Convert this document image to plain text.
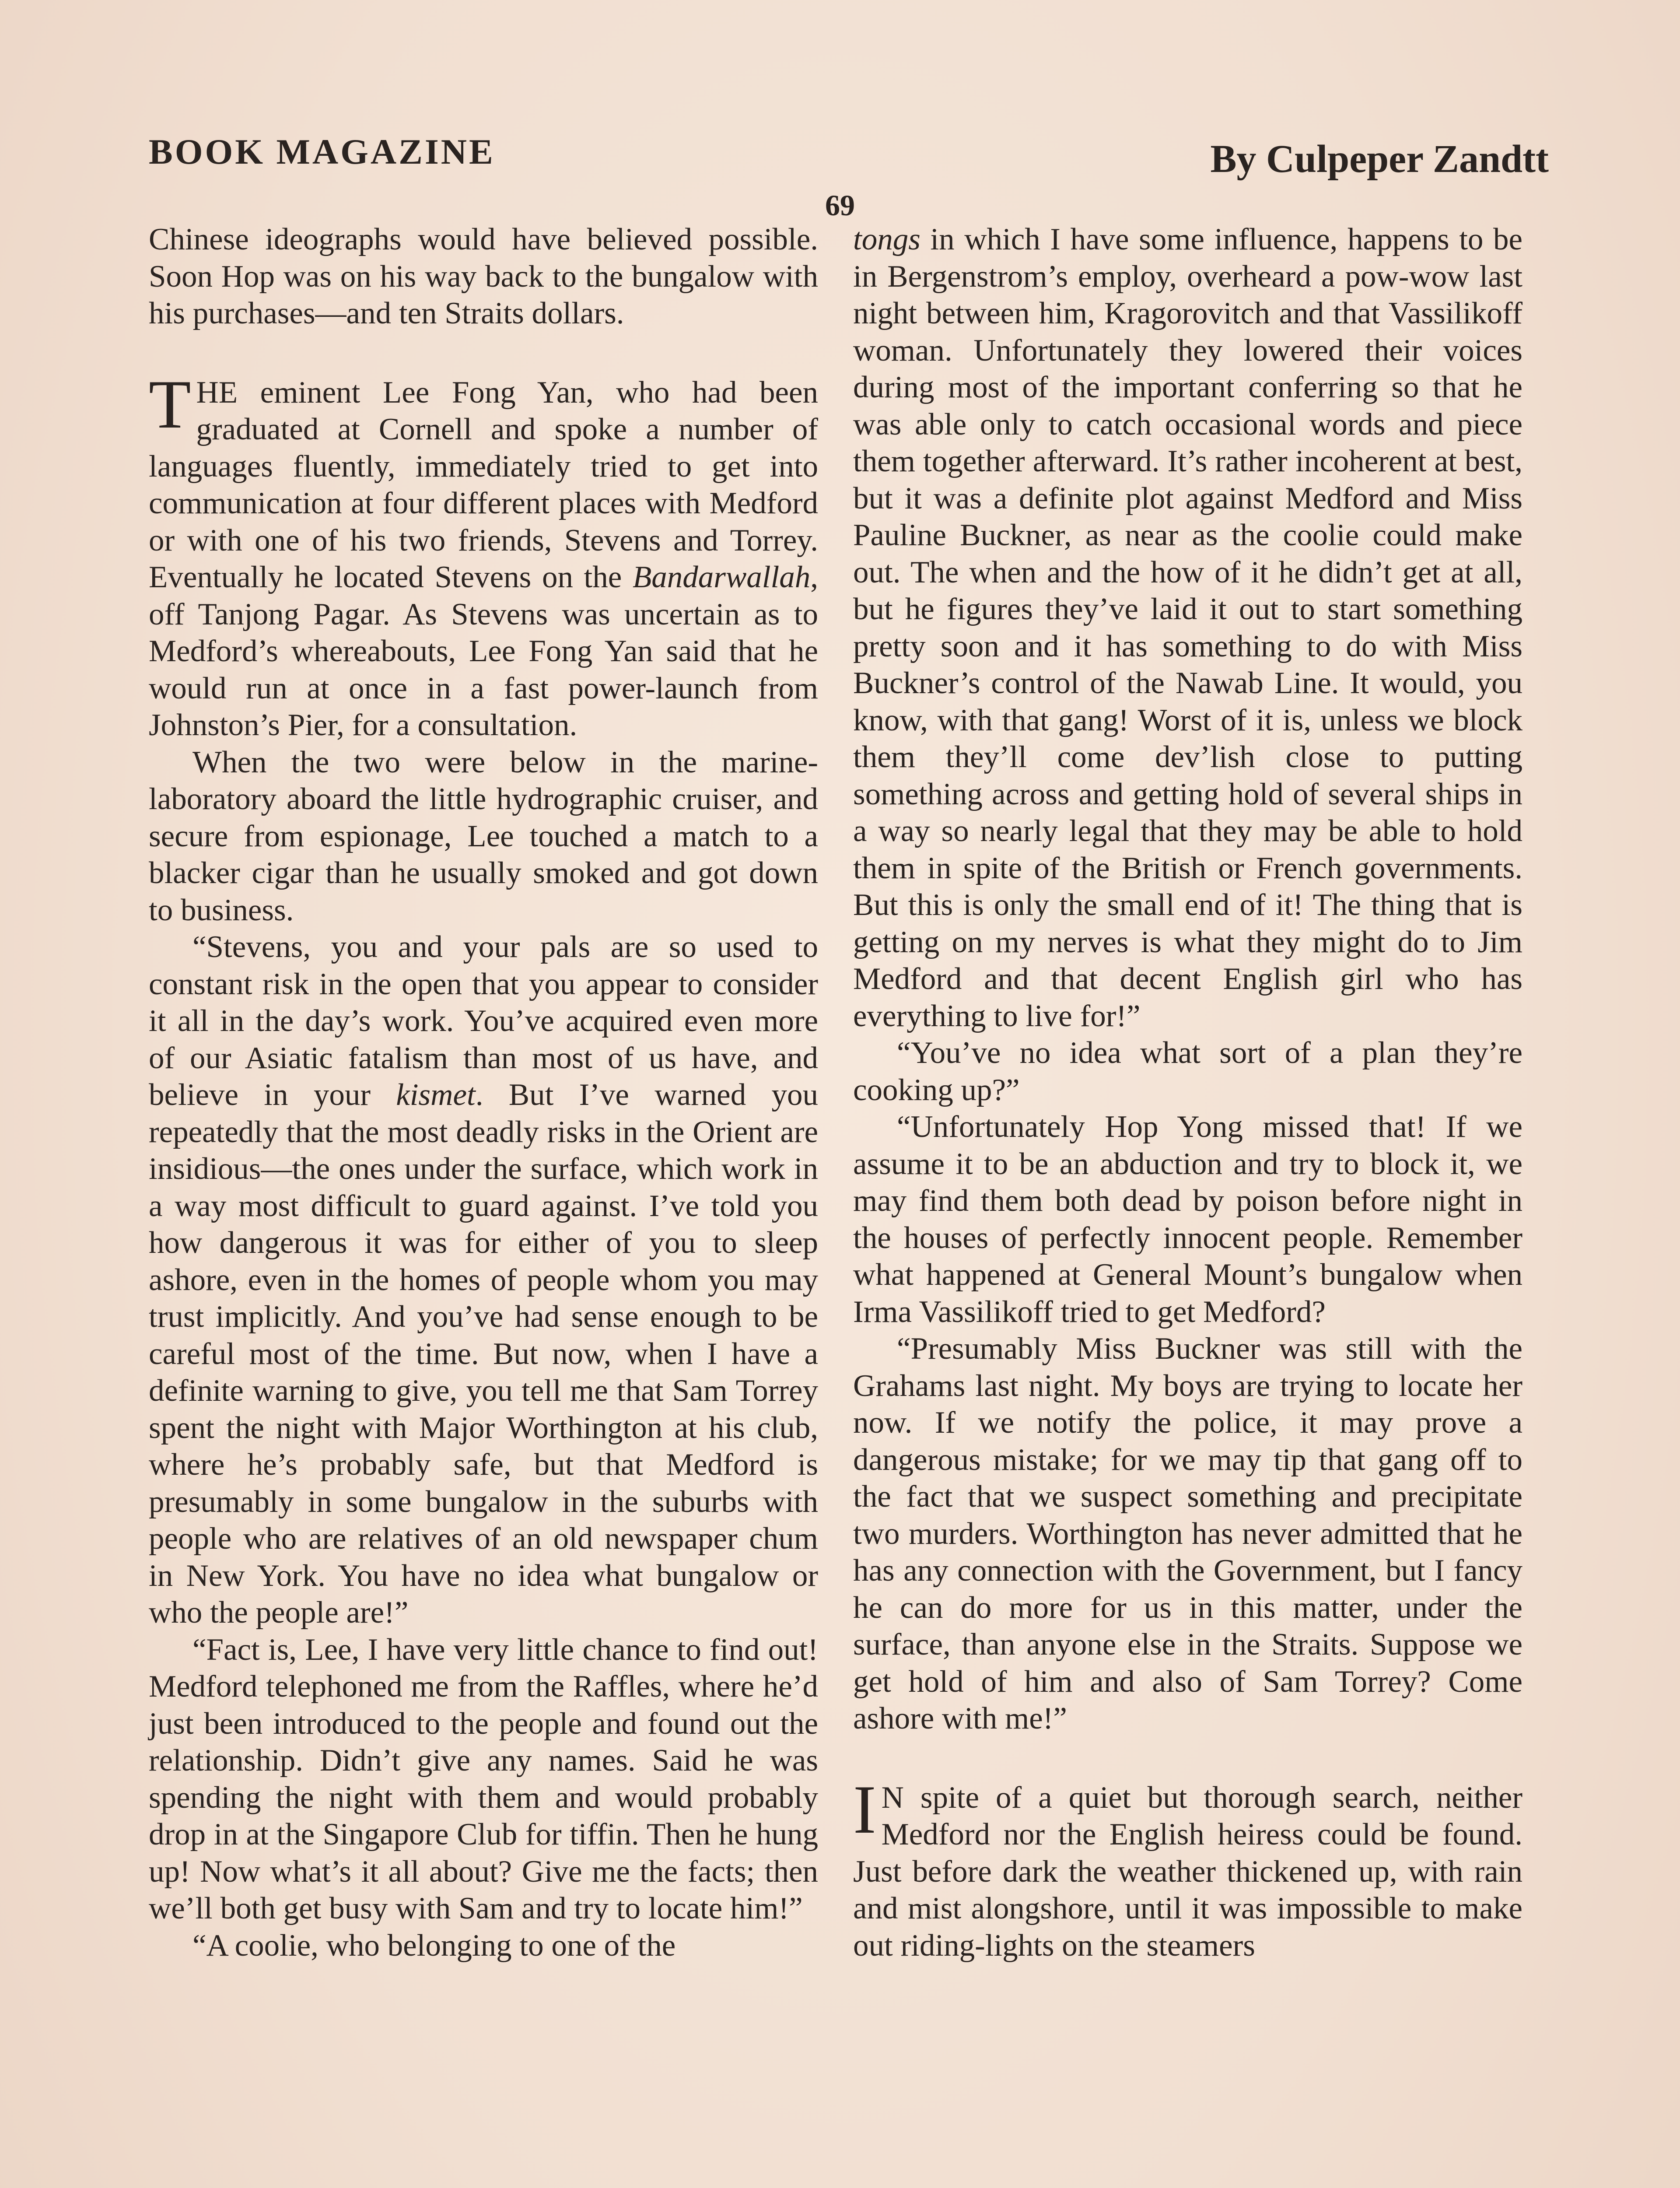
BOOK MAGAZINE	By Culpeper Zandtt
69

Chinese ideographs would have believed possible. Soon Hop was on his way back to the bungalow with his purchases—and ten Straits dollars.

THE eminent Lee Fong Yan, who had been graduated at Cornell and spoke a number of languages fluently, immediately tried to get into communication at four different places with Medford or with one of his two friends, Stevens and Torrey. Eventually he located Stevens on the Bandarwallah, off Tanjong Pagar. As Stevens was uncertain as to Medford’s whereabouts, Lee Fong Yan said that he would run at once in a fast power-launch from Johnston’s Pier, for a consultation.

When the two were below in the marine-laboratory aboard the little hydrographic cruiser, and secure from espionage, Lee touched a match to a blacker cigar than he usually smoked and got down to business.

“Stevens, you and your pals are so used to constant risk in the open that you appear to consider it all in the day’s work. You’ve acquired even more of our Asiatic fatalism than most of us have, and believe in your kismet. But I’ve warned you repeatedly that the most deadly risks in the Orient are insidious—the ones under the surface, which work in a way most difficult to guard against. I’ve told you how dangerous it was for either of you to sleep ashore, even in the homes of people whom you may trust implicitly. And you’ve had sense enough to be careful most of the time. But now, when I have a definite warning to give, you tell me that Sam Torrey spent the night with Major Worthington at his club, where he’s probably safe, but that Medford is presumably in some bungalow in the suburbs with people who are relatives of an old newspaper chum in New York. You have no idea what bungalow or who the people are!”

“Fact is, Lee, I have very little chance to find out! Medford telephoned me from the Raffles, where he’d just been introduced to the people and found out the relationship. Didn’t give any names. Said he was spending the night with them and would probably drop in at the Singapore Club for tiffin. Then he hung up! Now what’s it all about? Give me the facts; then we’ll both get busy with Sam and try to locate him!”

“A coolie, who belonging to one of the

tongs in which I have some influence, happens to be in Bergenstrom’s employ, overheard a pow-wow last night between him, Kragorovitch and that Vassilikoff woman. Unfortunately they lowered their voices during most of the important conferring so that he was able only to catch occasional words and piece them together afterward. It’s rather incoherent at best, but it was a definite plot against Medford and Miss Pauline Buckner, as near as the coolie could make out. The when and the how of it he didn’t get at all, but he figures they’ve laid it out to start something pretty soon and it has something to do with Miss Buckner’s control of the Nawab Line. It would, you know, with that gang! Worst of it is, unless we block them they’ll come dev’lish close to putting something across and getting hold of several ships in a way so nearly legal that they may be able to hold them in spite of the British or French governments. But this is only the small end of it! The thing that is getting on my nerves is what they might do to Jim Medford and that decent English girl who has everything to live for!”

“You’ve no idea what sort of a plan they’re cooking up?”

“Unfortunately Hop Yong missed that! If we assume it to be an abduction and try to block it, we may find them both dead by poison before night in the houses of perfectly innocent people. Remember what happened at General Mount’s bungalow when Irma Vassilikoff tried to get Medford?

“Presumably Miss Buckner was still with the Grahams last night. My boys are trying to locate her now. If we notify the police, it may prove a dangerous mistake; for we may tip that gang off to the fact that we suspect something and precipitate two murders. Worthington has never admitted that he has any connection with the Government, but I fancy he can do more for us in this matter, under the surface, than anyone else in the Straits. Suppose we get hold of him and also of Sam Torrey? Come ashore with me!”

I N spite of a quiet but thorough search, neither Medford nor the English heiress could be found. Just before dark the weather thickened up, with rain and mist alongshore, until it was impossible to make out riding-lights on the steamers
